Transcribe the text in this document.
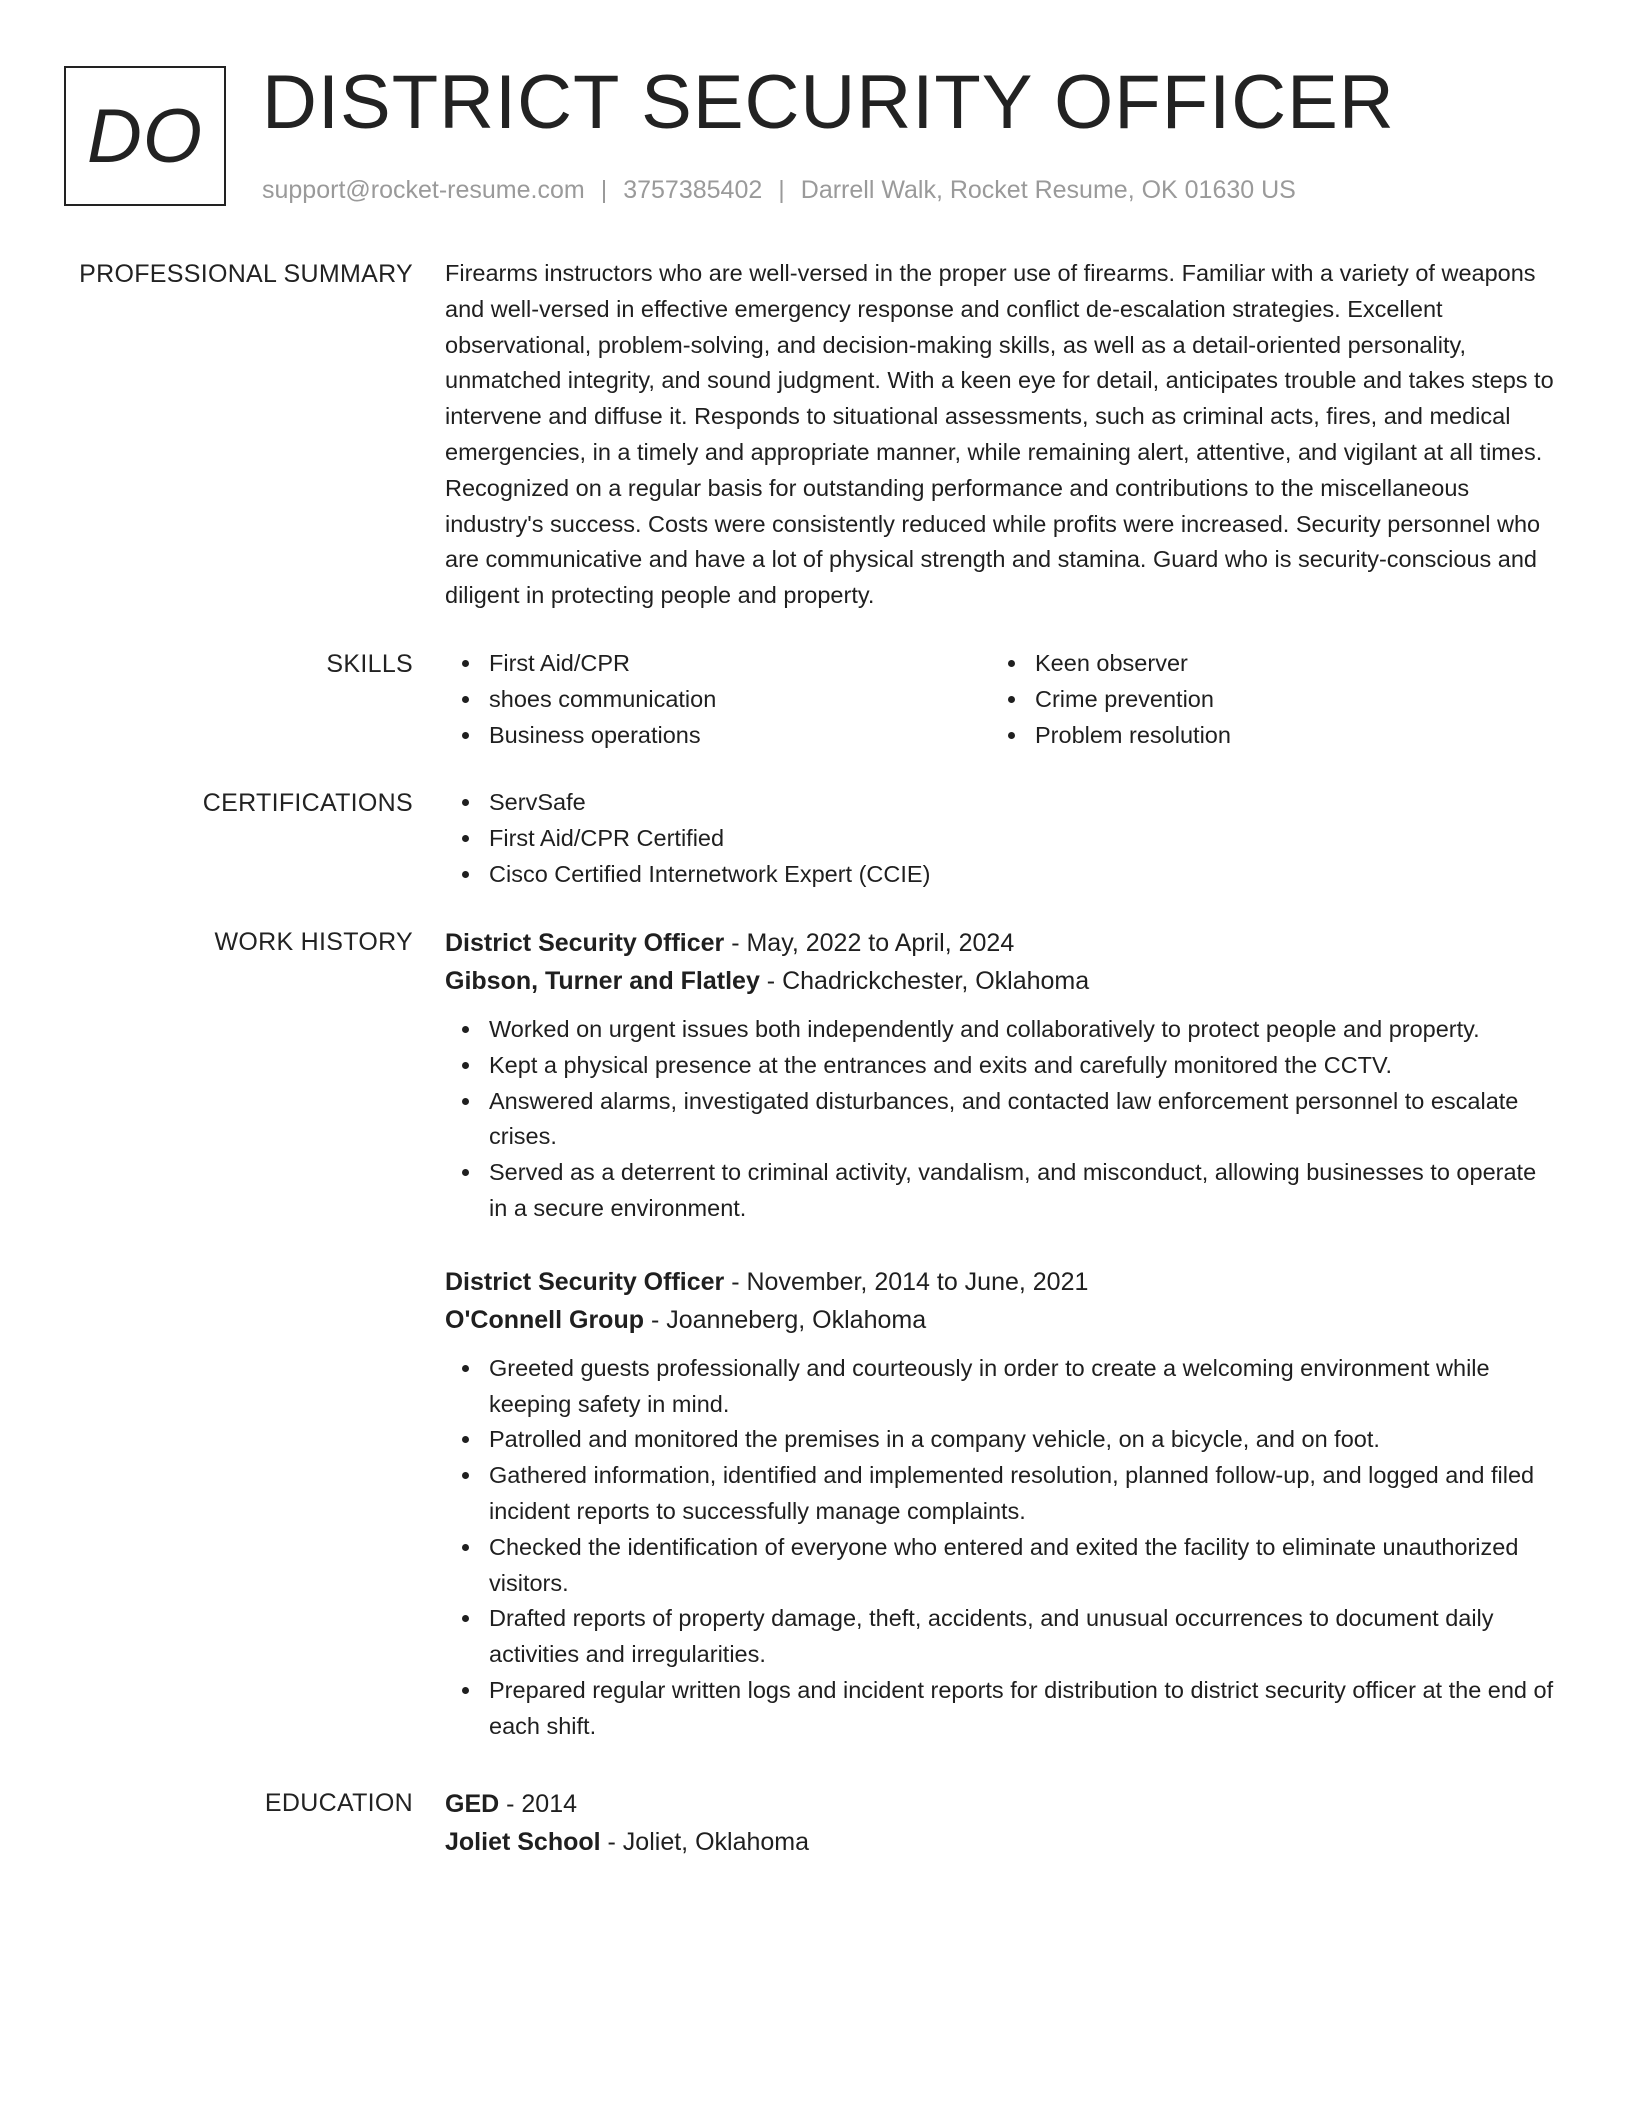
DO DISTRICT SECURITY OFFICER
support@rocket-resume.com | 3757385402 | Darrell Walk, Rocket Resume, OK 01630 US
PROFESSIONAL SUMMARY Firearms instructors who are well-versed in the proper use of firearms. Familiar with a variety of weapons and well-versed in effective emergency response and conflict de-escalation strategies. Excellent observational, problem-solving, and decision-making skills, as well as a detail-oriented personality, unmatched integrity, and sound judgment. With a keen eye for detail, anticipates trouble and takes steps to intervene and diffuse it. Responds to situational assessments, such as criminal acts, fires, and medical emergencies, in a timely and appropriate manner, while remaining alert, attentive, and vigilant at all times. Recognized on a regular basis for outstanding performance and contributions to the miscellaneous industry's success. Costs were consistently reduced while profits were increased. Security personnel who are communicative and have a lot of physical strength and stamina. Guard who is security-conscious and diligent in protecting people and property.

SKILLS	First Aid/CPR
shoes communication
Business operations
Keen observer
Crime prevention
Problem resolution
CERTIFICATIONS	ServSafe
First Aid/CPR Certified
Cisco Certified Internetwork Expert (CCIE)
WORK HISTORY District Security Officer - May, 2022 to April, 2024
Gibson, Turner and Flatley - Chadrickchester, Oklahoma
Worked on urgent issues both independently and collaboratively to protect people and property.
Kept a physical presence at the entrances and exits and carefully monitored the CCTV.
Answered alarms, investigated disturbances, and contacted law enforcement personnel to escalate crises.
Served as a deterrent to criminal activity, vandalism, and misconduct, allowing businesses to operate in a secure environment.
District Security Officer - November, 2014 to June, 2021
O'Connell Group - Joanneberg, Oklahoma
Greeted guests professionally and courteously in order to create a welcoming environment while keeping safety in mind.
Patrolled and monitored the premises in a company vehicle, on a bicycle, and on foot.
Gathered information, identified and implemented resolution, planned follow-up, and logged and filed incident reports to successfully manage complaints.
Checked the identification of everyone who entered and exited the facility to eliminate unauthorized visitors.
Drafted reports of property damage, theft, accidents, and unusual occurrences to document daily activities and irregularities.
Prepared regular written logs and incident reports for distribution to district security officer at the end of each shift.
EDUCATION GED - 2014
Joliet School - Joliet, Oklahoma
